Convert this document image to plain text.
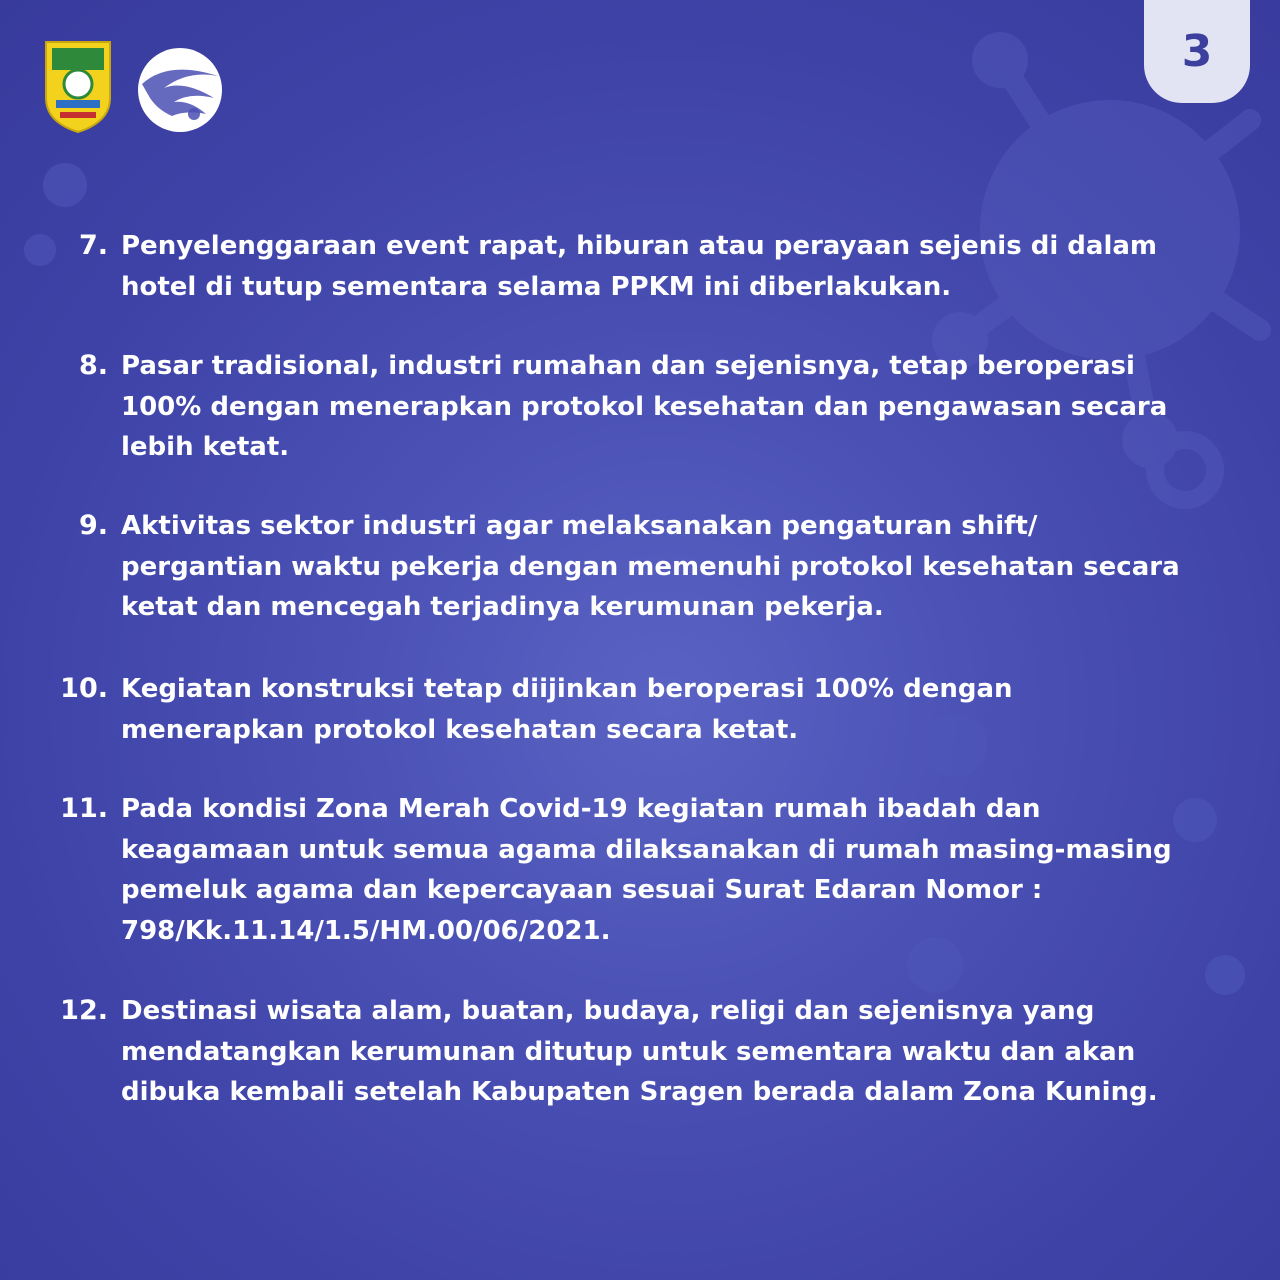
3
7. Penyelenggaraan event rapat, hiburan atau perayaan sejenis di dalam
hotel di tutup sementara selama PPKM ini diberlakukan.
8. Pasar tradisional, industri rumahan dan sejenisnya, tetap beroperasi
100% dengan menerapkan protokol kesehatan dan pengawasan secara
lebih ketat.
9. Aktivitas sektor industri agar melaksanakan pengaturan shift/
pergantian waktu pekerja dengan memenuhi protokol kesehatan secara
ketat dan mencegah terjadinya kerumunan pekerja.
10. Kegiatan konstruksi tetap diijinkan beroperasi 100% dengan
menerapkan protokol kesehatan secara ketat.
11. Pada kondisi Zona Merah Covid-19 kegiatan rumah ibadah dan
keagamaan untuk semua agama dilaksanakan di rumah masing-masing
pemeluk agama dan kepercayaan sesuai Surat Edaran Nomor :
798/Kk.11.14/1.5/HM.00/06/2021.
12. Destinasi wisata alam, buatan, budaya, religi dan sejenisnya yang
mendatangkan kerumunan ditutup untuk sementara waktu dan akan
dibuka kembali setelah Kabupaten Sragen berada dalam Zona Kuning.
